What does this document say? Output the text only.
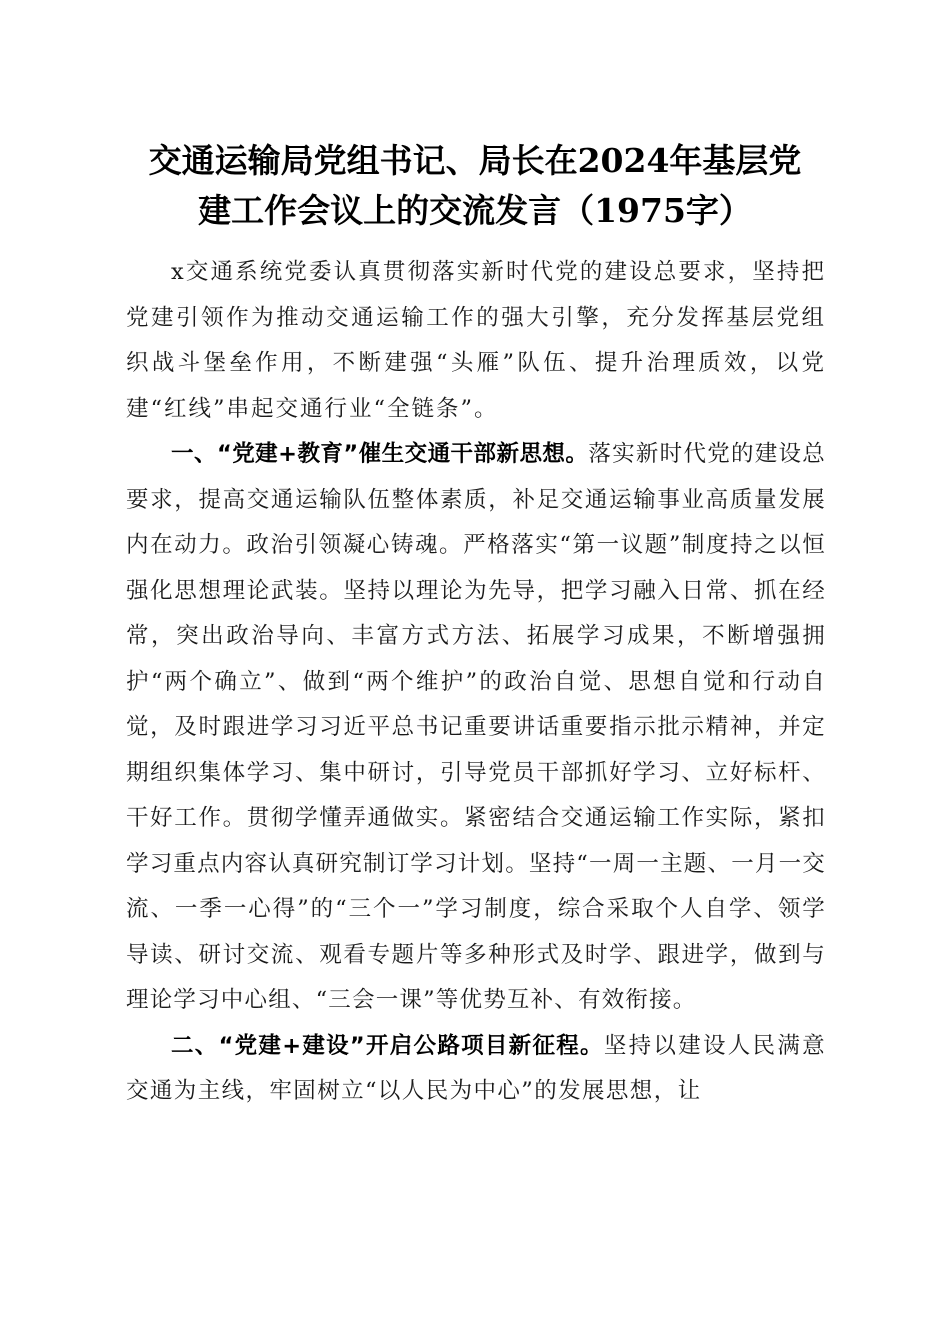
交通运输局党组书记、局长在2024年基层党
建工作会议上的交流发言（1975字）

x交通系统党委认真贯彻落实新时代党的建设总要求，坚持把党建引领作为推动交通运输工作的强大引擎，充分发挥基层党组织战斗堡垒作用，不断建强“头雁”队伍、提升治理质效，以党建“红线”串起交通行业“全链条”。

一、“党建+教育”催生交通干部新思想。落实新时代党的建设总要求，提高交通运输队伍整体素质，补足交通运输事业高质量发展内在动力。政治引领凝心铸魂。严格落实“第一议题”制度持之以恒强化思想理论武装。坚持以理论为先导，把学习融入日常、抓在经常，突出政治导向、丰富方式方法、拓展学习成果，不断增强拥护“两个确立”、做到“两个维护”的政治自觉、思想自觉和行动自觉，及时跟进学习习近平总书记重要讲话重要指示批示精神，并定期组织集体学习、集中研讨，引导党员干部抓好学习、立好标杆、干好工作。贯彻学懂弄通做实。紧密结合交通运输工作实际，紧扣学习重点内容认真研究制订学习计划。坚持“一周一主题、一月一交流、一季一心得”的“三个一”学习制度，综合采取个人自学、领学导读、研讨交流、观看专题片等多种形式及时学、跟进学，做到与理论学习中心组、“三会一课”等优势互补、有效衔接。

二、“党建+建设”开启公路项目新征程。坚持以建设人民满意交通为主线，牢固树立“以人民为中心”的发展思想，让
